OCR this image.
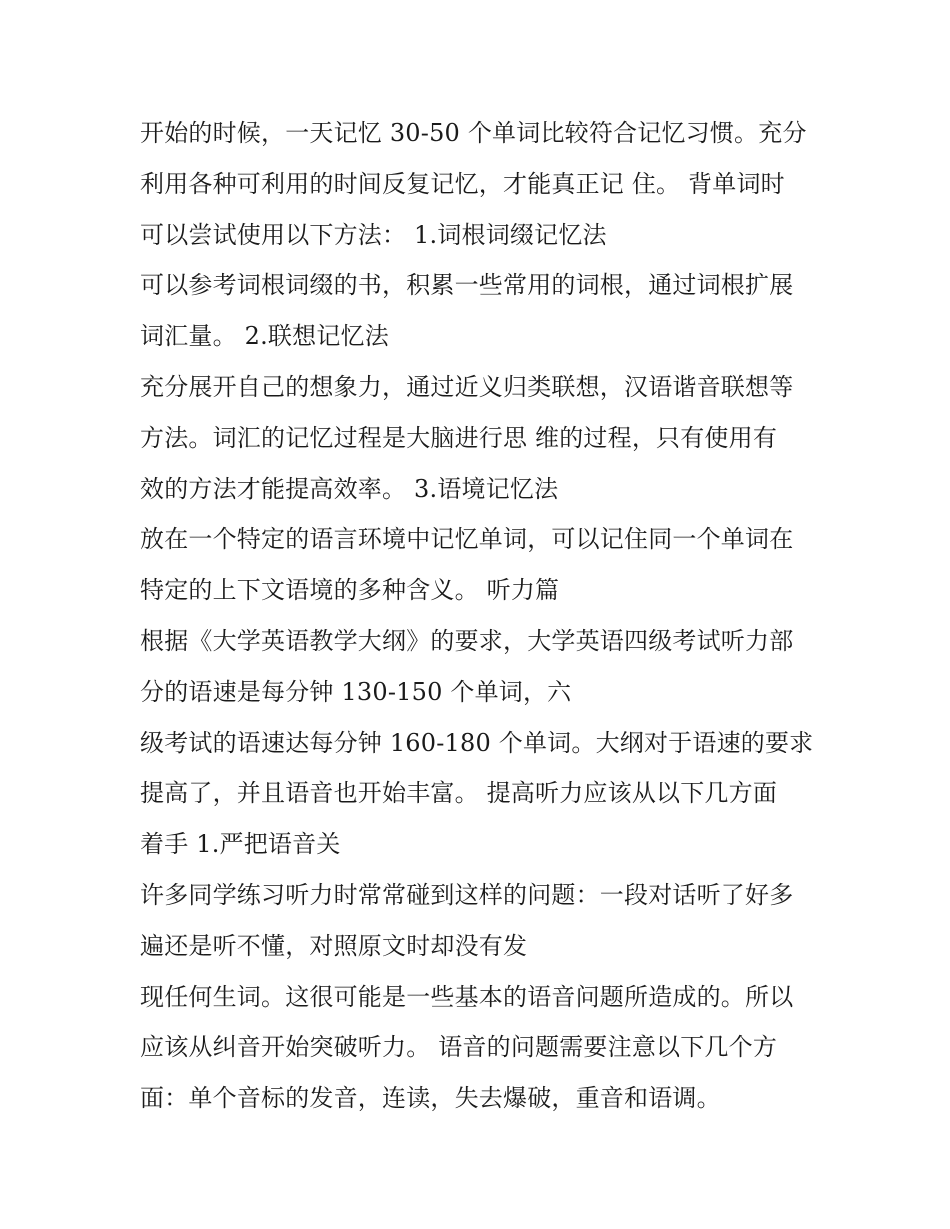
开始的时候，一天记忆 30-50 个单词比较符合记忆习惯。充分
利用各种可利用的时间反复记忆，才能真正记 住。 背单词时
可以尝试使用以下方法： 1.词根词缀记忆法
可以参考词根词缀的书，积累一些常用的词根，通过词根扩展
词汇量。 2.联想记忆法
充分展开自己的想象力，通过近义归类联想，汉语谐音联想等
方法。词汇的记忆过程是大脑进行思 维的过程，只有使用有
效的方法才能提高效率。 3.语境记忆法
放在一个特定的语言环境中记忆单词，可以记住同一个单词在
特定的上下文语境的多种含义。 听力篇
根据《大学英语教学大纲》的要求，大学英语四级考试听力部
分的语速是每分钟 130-150 个单词，六
级考试的语速达每分钟 160-180 个单词。大纲对于语速的要求
提高了，并且语音也开始丰富。 提高听力应该从以下几方面
着手 1.严把语音关
许多同学练习听力时常常碰到这样的问题：一段对话听了好多
遍还是听不懂，对照原文时却没有发
现任何生词。这很可能是一些基本的语音问题所造成的。所以
应该从纠音开始突破听力。 语音的问题需要注意以下几个方
面：单个音标的发音，连读，失去爆破，重音和语调。
